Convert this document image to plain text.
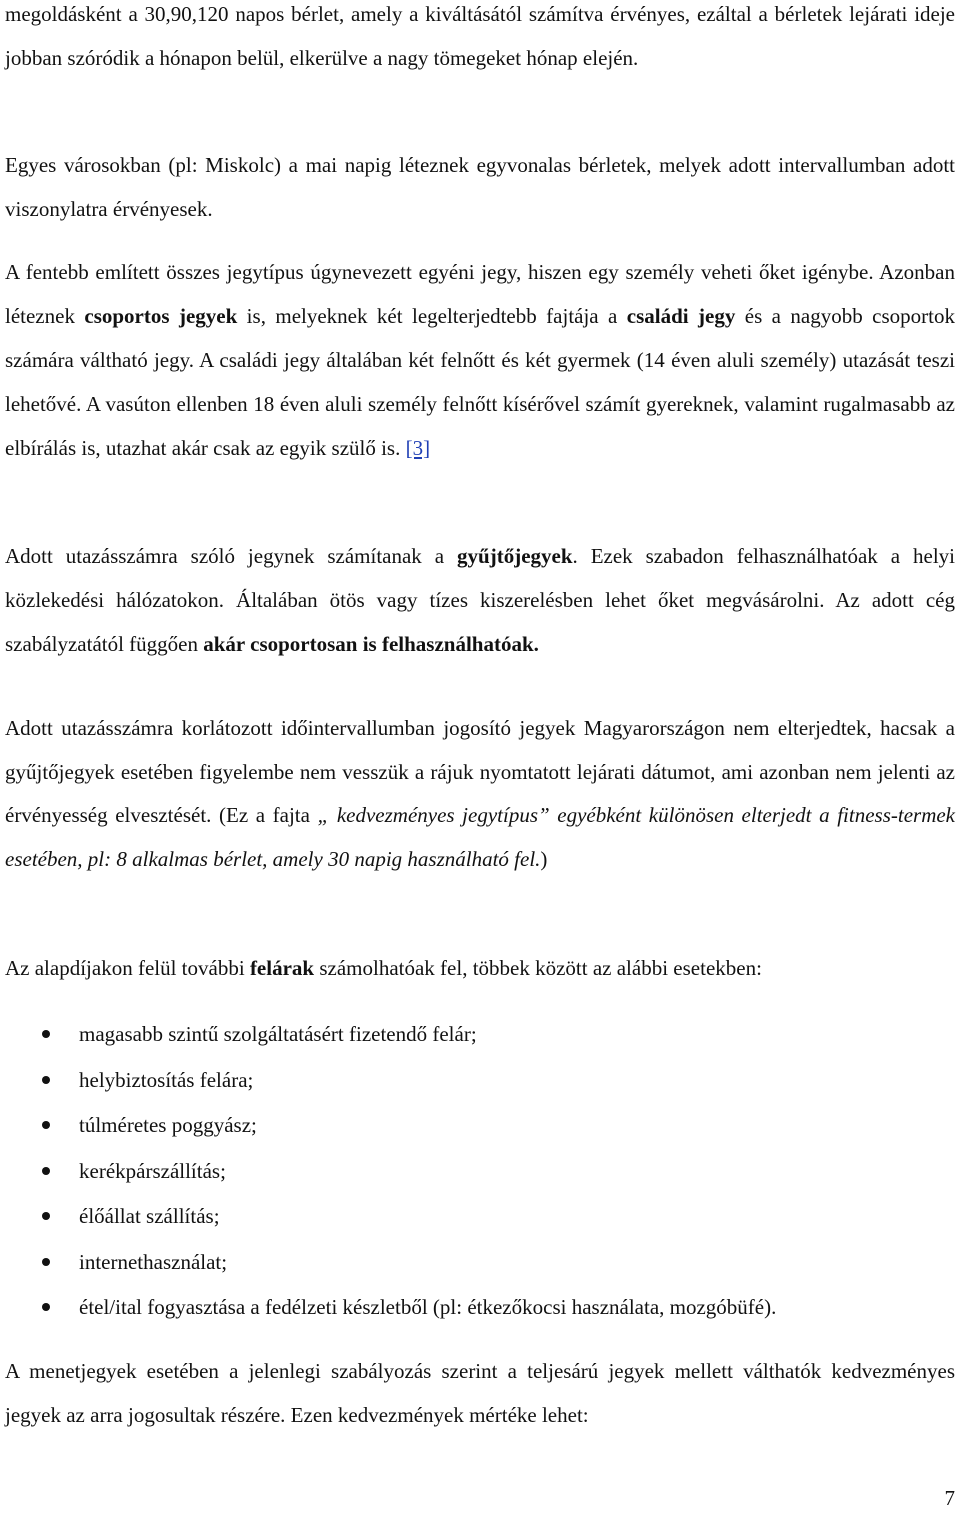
megoldásként a 30,90,120 napos bérlet, amely a kiváltásától számítva érvényes, ezáltal a bérletek lejárati ideje jobban szóródik a hónapon belül, elkerülve a nagy tömegeket hónap elején.

Egyes városokban (pl: Miskolc) a mai napig léteznek egyvonalas bérletek, melyek adott intervallumban adott viszonylatra érvényesek.

A fentebb említett összes jegytípus úgynevezett egyéni jegy, hiszen egy személy veheti őket igénybe. Azonban léteznek csoportos jegyek is, melyeknek két legelterjedtebb fajtája a családi jegy és a nagyobb csoportok számára váltható jegy. A családi jegy általában két felnőtt és két gyermek (14 éven aluli személy) utazását teszi lehetővé. A vasúton ellenben 18 éven aluli személy felnőtt kísérővel számít gyereknek, valamint rugalmasabb az elbírálás is, utazhat akár csak az egyik szülő is. [3]

Adott utazásszámra szóló jegynek számítanak a gyűjtőjegyek. Ezek szabadon felhasználhatóak a helyi közlekedési hálózatokon. Általában ötös vagy tízes kiszerelésben lehet őket megvásárolni. Az adott cég szabályzatától függően akár csoportosan is felhasználhatóak.

Adott utazásszámra korlátozott időintervallumban jogosító jegyek Magyarországon nem elterjedtek, hacsak a gyűjtőjegyek esetében figyelembe nem vesszük a rájuk nyomtatott lejárati dátumot, ami azonban nem jelenti az érvényesség elvesztését. (Ez a fajta „ kedvezményes jegytípus” egyébként különösen elterjedt a fitness-termek esetében, pl: 8 alkalmas bérlet, amely 30 napig használható fel.)

Az alapdíjakon felül további felárak számolhatóak fel, többek között az alábbi esetekben:

magasabb szintű szolgáltatásért fizetendő felár;
helybiztosítás felára;
túlméretes poggyász;
kerékpárszállítás;
élőállat szállítás;
internethasználat;
étel/ital fogyasztása a fedélzeti készletből (pl: étkezőkocsi használata, mozgóbüfé).

A menetjegyek esetében a jelenlegi szabályozás szerint a teljesárú jegyek mellett válthatók kedvezményes jegyek az arra jogosultak részére. Ezen kedvezmények mértéke lehet:

7
